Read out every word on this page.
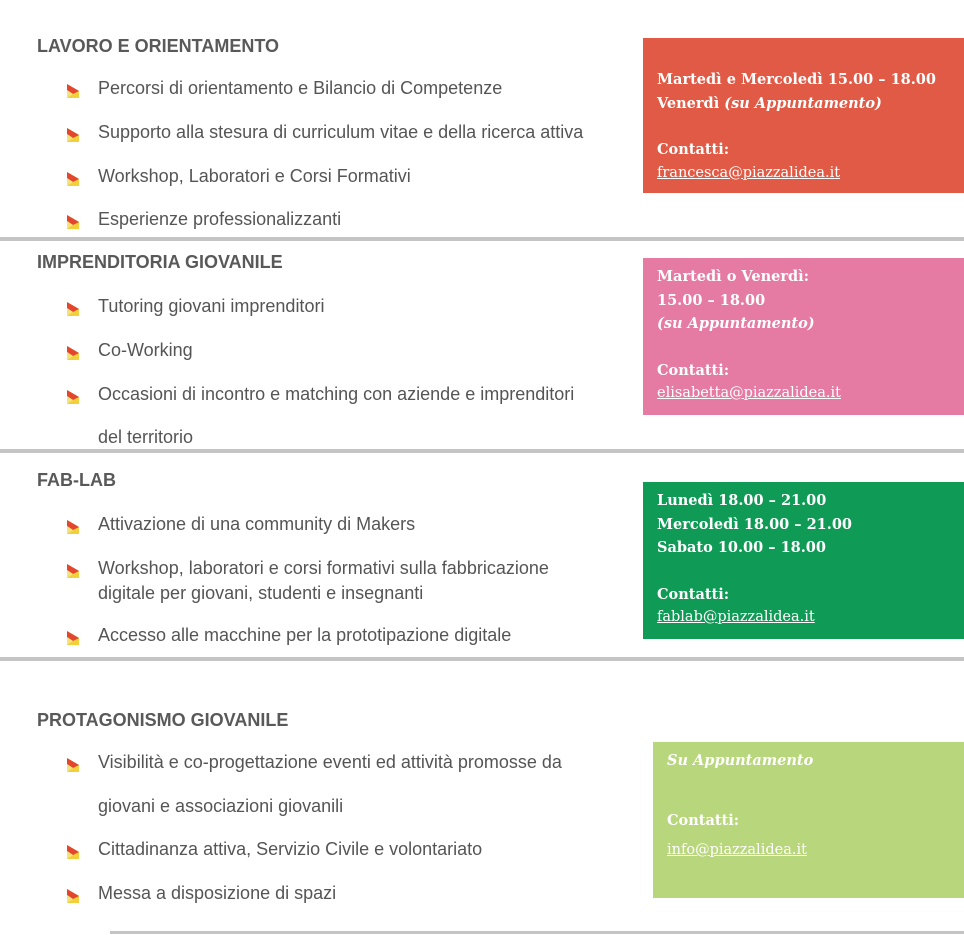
LAVORO E ORIENTAMENTO
Percorsi di orientamento e Bilancio di Competenze
Supporto alla stesura di curriculum vitae e della ricerca attiva
Workshop, Laboratori e Corsi Formativi
Esperienze professionalizzanti
Martedì e Mercoledì 15.00 – 18.00
Venerdì (su Appuntamento)
Contatti:
francesca@piazzalidea.it
IMPRENDITORIA GIOVANILE
Tutoring giovani imprenditori
Co-Working
Occasioni di incontro e matching con aziende e imprenditori
del territorio
Martedì o Venerdì:
15.00 – 18.00
(su Appuntamento)
Contatti:
elisabetta@piazzalidea.it
FAB-LAB
Attivazione di una community di Makers
Workshop, laboratori e corsi formativi sulla fabbricazione
digitale per giovani, studenti e insegnanti
Accesso alle macchine per la prototipazione digitale
Lunedì 18.00 – 21.00
Mercoledì 18.00 – 21.00
Sabato 10.00 – 18.00
Contatti:
fablab@piazzalidea.it
PROTAGONISMO GIOVANILE
Visibilità e co-progettazione eventi ed attività promosse da
giovani e associazioni giovanili
Cittadinanza attiva, Servizio Civile e volontariato
Messa a disposizione di spazi
Su Appuntamento
Contatti:
info@piazzalidea.it
